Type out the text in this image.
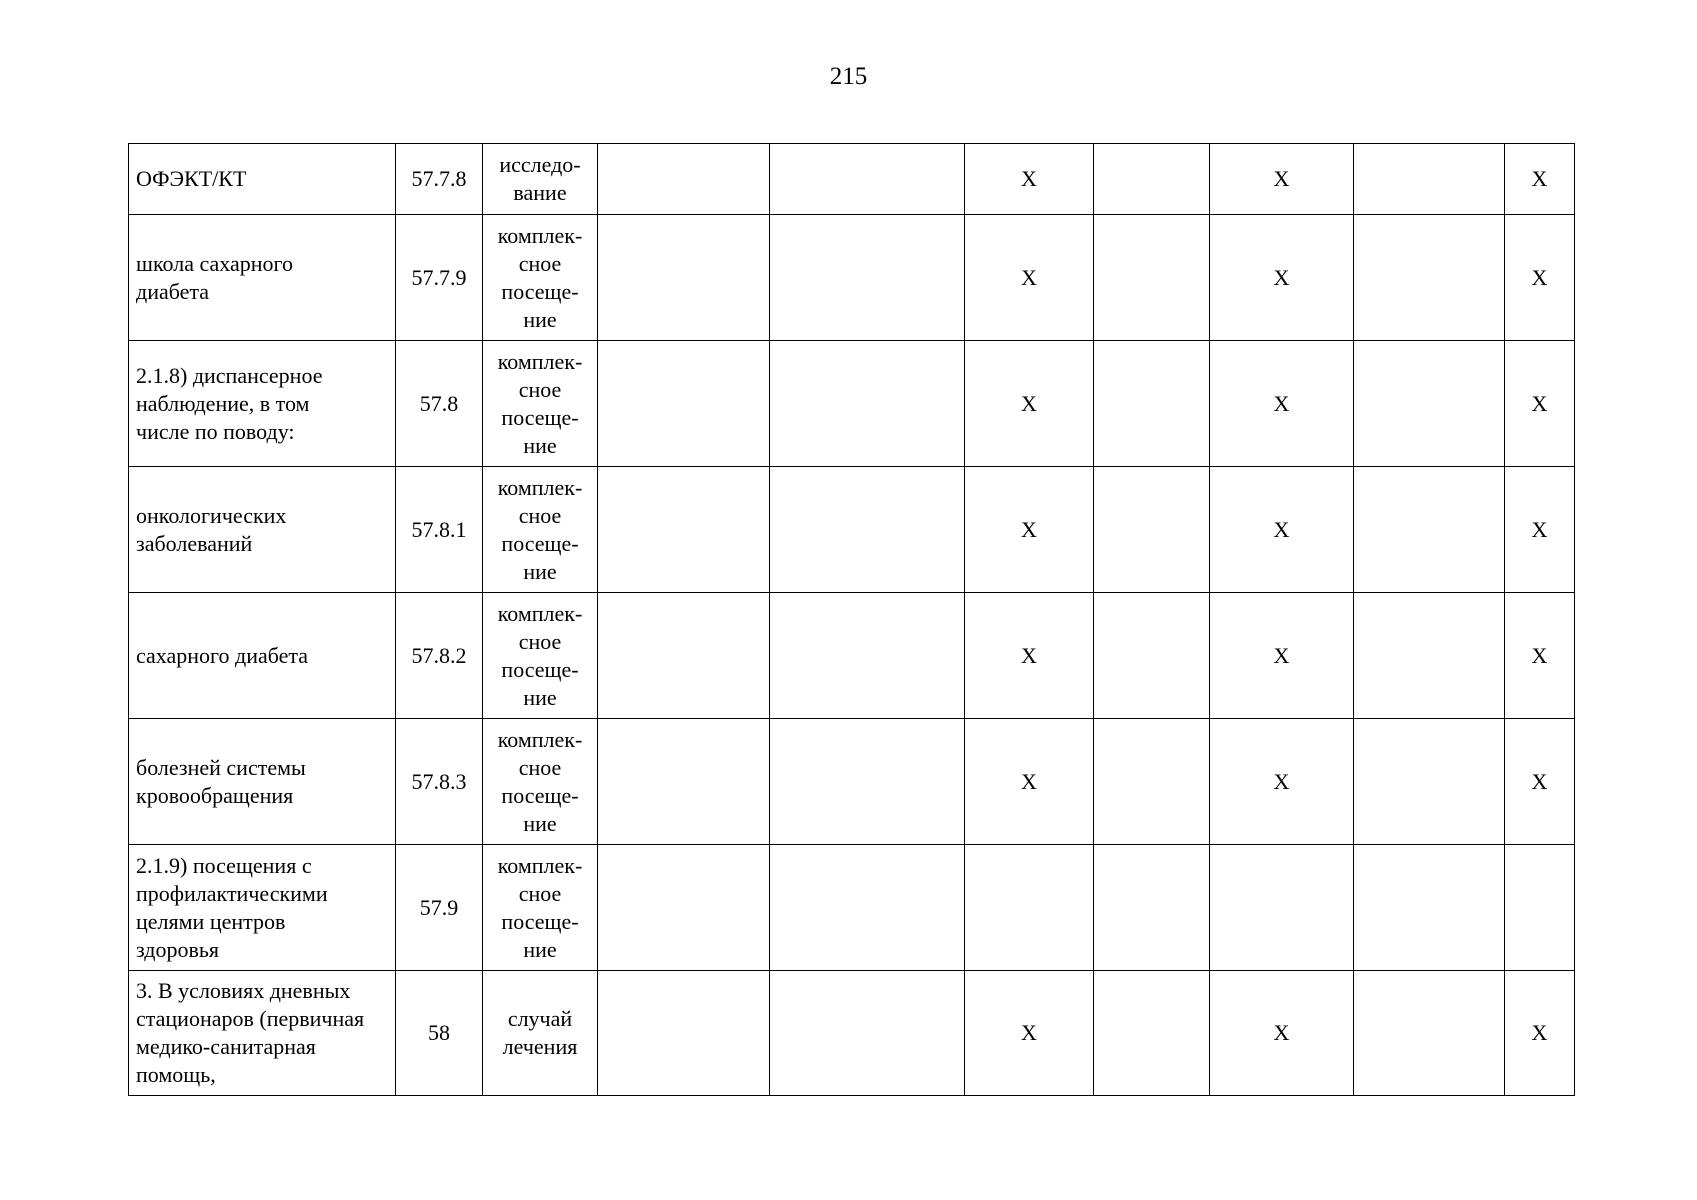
215
ОФЭКТ/КТ	57.7.8	исследо-
вание			Х		Х		Х
школа сахарного
диабета	57.7.9	комплек-
сное
посеще-
ние			Х		Х		Х
2.1.8) диспансерное
наблюдение, в том
числе по поводу:	57.8	комплек-
сное
посеще-
ние			Х		Х		Х
онкологических
заболеваний	57.8.1	комплек-
сное
посеще-
ние			Х		Х		Х
сахарного диабета	57.8.2	комплек-
сное
посеще-
ние			Х		Х		Х
болезней системы
кровообращения	57.8.3	комплек-
сное
посеще-
ние			Х		Х		Х
2.1.9) посещения с
профилактическими
целями центров
здоровья	57.9	комплек-
сное
посеще-
ние							
3. В условиях дневных
стационаров (первичная
медико-санитарная
помощь,	58	случай
лечения			Х		Х		Х
